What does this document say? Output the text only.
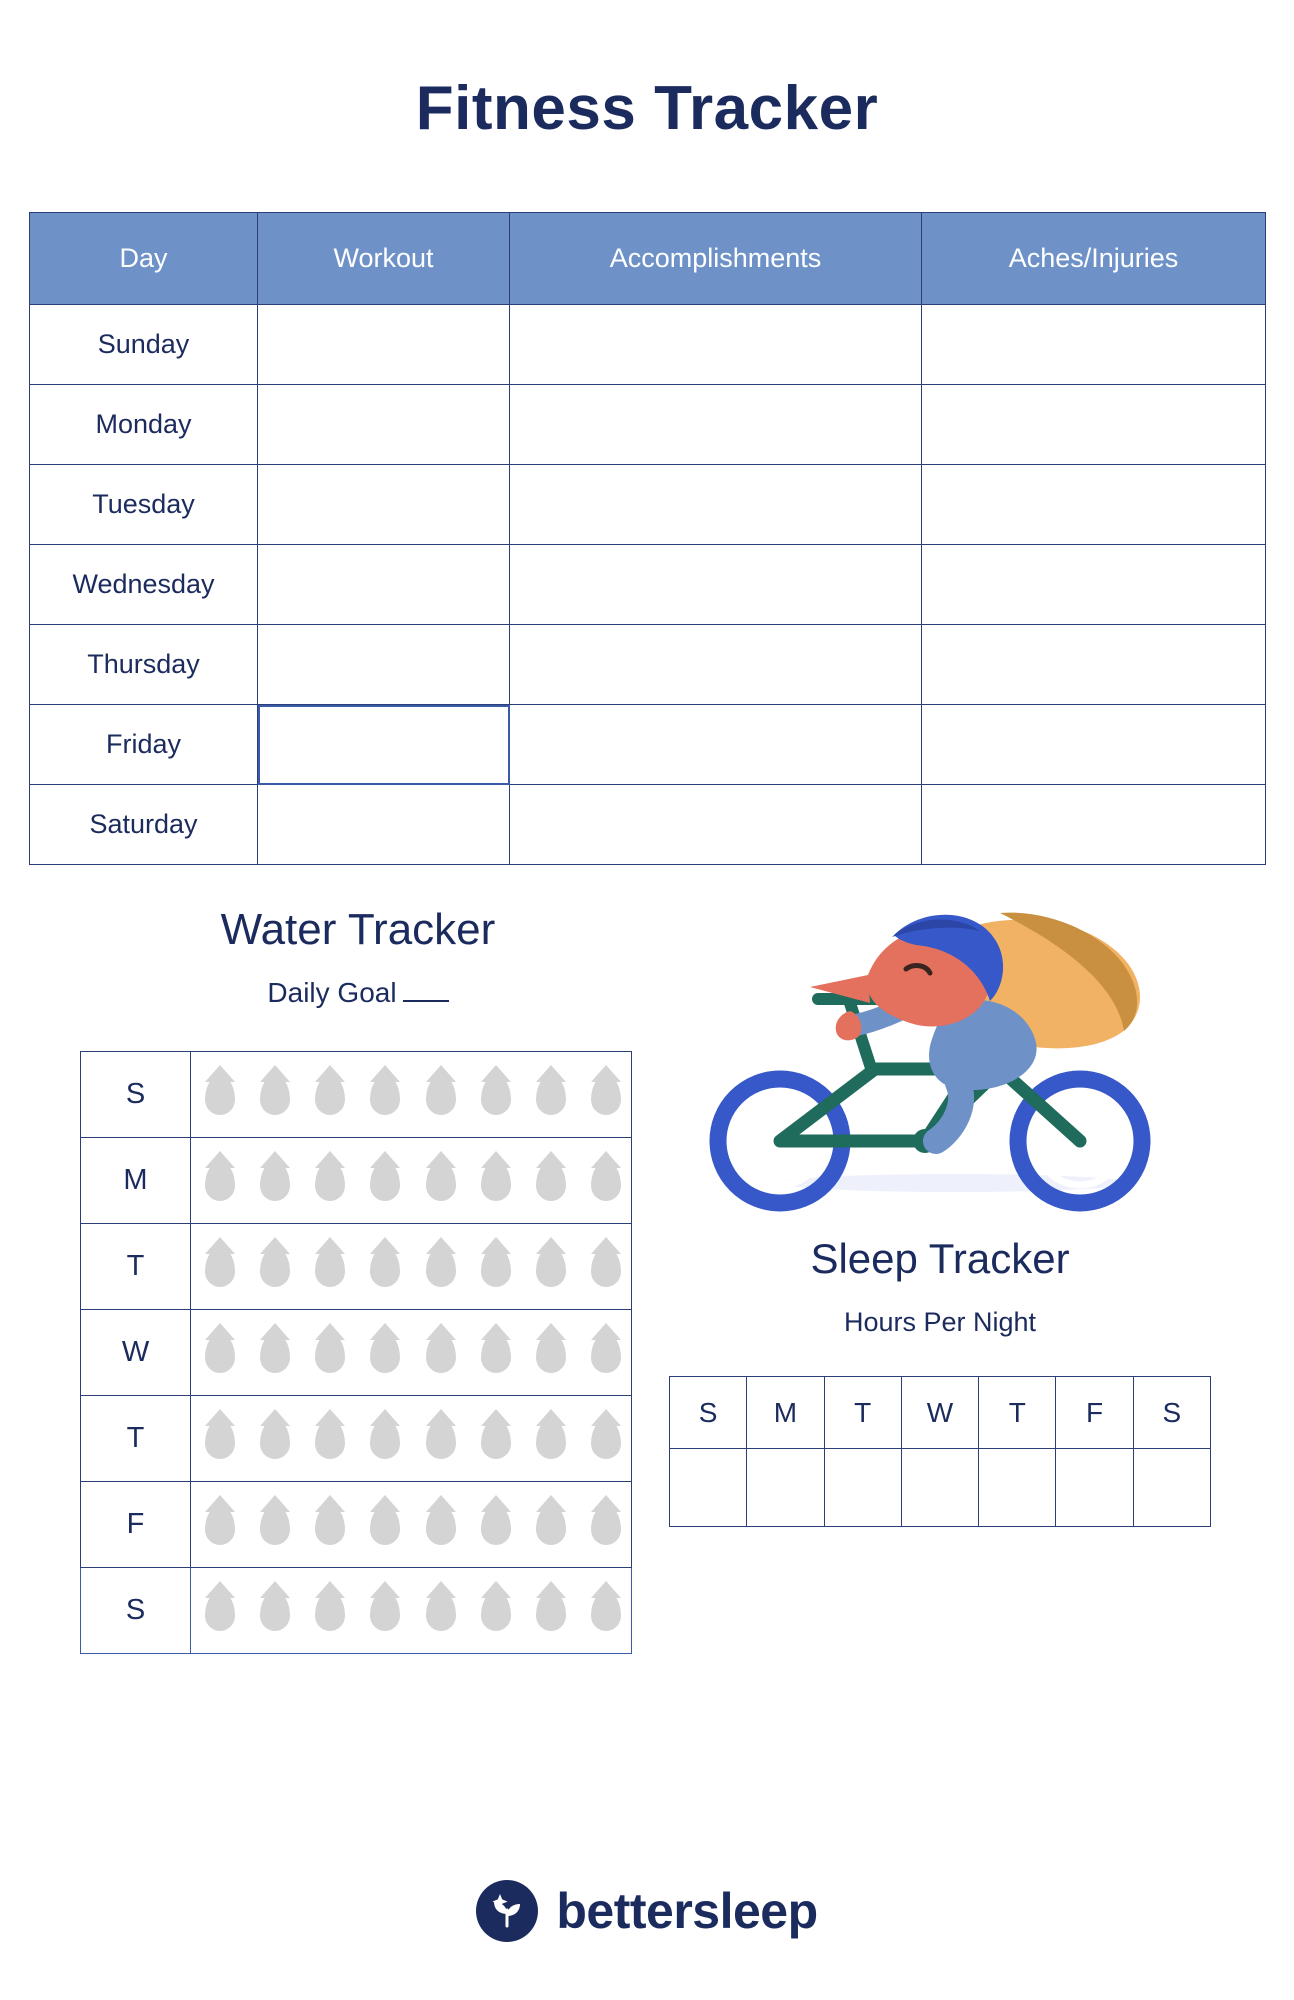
Fitness Tracker
Day	Workout	Accomplishments	Aches/Injuries
Sunday			
Monday			
Tuesday			
Wednesday			
Thursday			
Friday			
Saturday			
Water Tracker
Daily Goal
S	

M	

T	

W	

T	

F	

S	
Sleep Tracker
Hours Per Night
S	M	T	W	T	F	S

bettersleep
